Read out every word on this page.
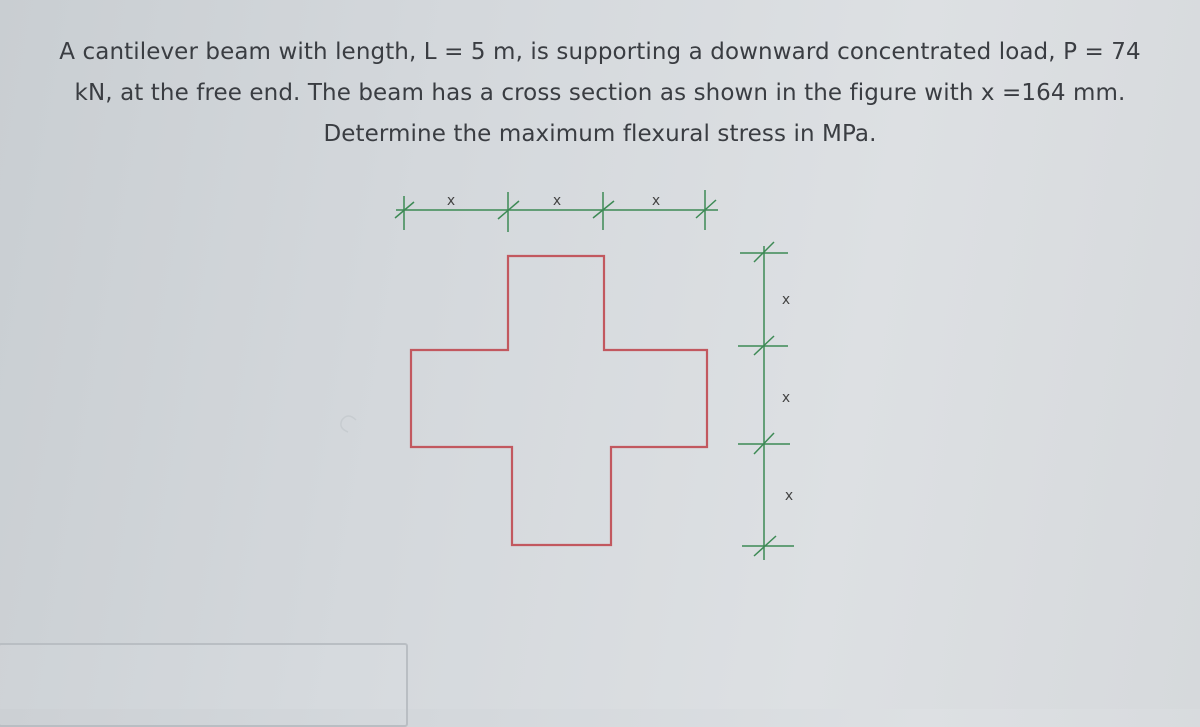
A cantilever beam with length, L = 5 m, is supporting a downward concentrated load, P = 74
kN, at the free end. The beam has a cross section as shown in the figure with x =164 mm.
Determine the maximum flexural stress in MPa.
x	x	x
x
x
x
